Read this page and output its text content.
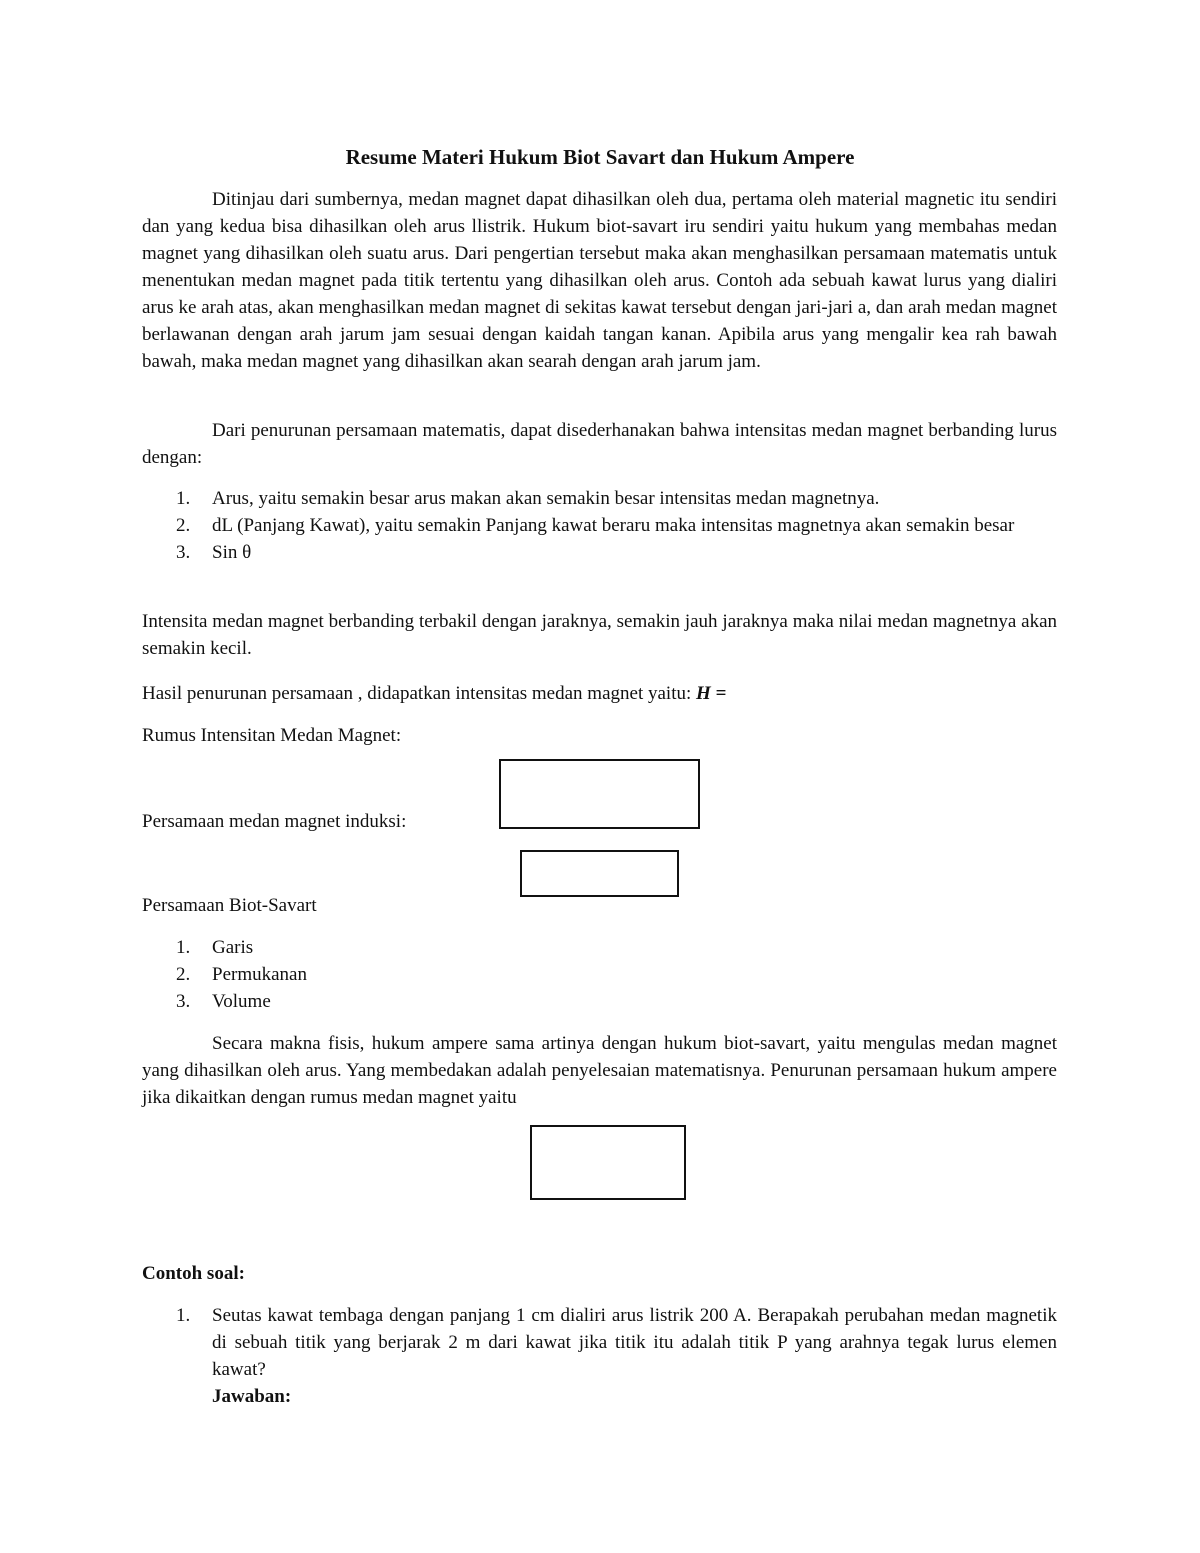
Resume Materi Hukum Biot Savart dan Hukum Ampere

Ditinjau dari sumbernya, medan magnet dapat dihasilkan oleh dua, pertama oleh material magnetic itu sendiri dan yang kedua bisa dihasilkan oleh arus llistrik. Hukum biot-savart iru sendiri yaitu hukum yang membahas medan magnet yang dihasilkan oleh suatu arus. Dari pengertian tersebut maka akan menghasilkan persamaan matematis untuk menentukan medan magnet pada titik tertentu yang dihasilkan oleh arus. Contoh ada sebuah kawat lurus yang dialiri arus ke arah atas, akan menghasilkan medan magnet di sekitas kawat tersebut dengan jari-jari a, dan arah medan magnet berlawanan dengan arah jarum jam sesuai dengan kaidah tangan kanan. Apibila arus yang mengalir kea rah bawah bawah, maka medan magnet yang dihasilkan akan searah dengan arah jarum jam.

Dari penurunan persamaan matematis, dapat disederhanakan bahwa intensitas medan magnet berbanding lurus dengan:

1. Arus, yaitu semakin besar arus makan akan semakin besar intensitas medan magnetnya.
2. dL (Panjang Kawat), yaitu semakin Panjang kawat beraru maka intensitas magnetnya akan semakin besar
3. Sin θ

Intensita medan magnet berbanding terbakil dengan jaraknya, semakin jauh jaraknya maka nilai medan magnetnya akan semakin kecil.

Hasil penurunan persamaan , didapatkan intensitas medan magnet yaitu: H =

Rumus Intensitan Medan Magnet:

Persamaan medan magnet induksi:

Persamaan Biot-Savart

1. Garis
2. Permukanan
3. Volume

Secara makna fisis, hukum ampere sama artinya dengan hukum biot-savart, yaitu mengulas medan magnet yang dihasilkan oleh arus. Yang membedakan adalah penyelesaian matematisnya. Penurunan persamaan hukum ampere jika dikaitkan dengan rumus medan magnet yaitu

Contoh soal:

1. Seutas kawat tembaga dengan panjang 1 cm dialiri arus listrik 200 A. Berapakah perubahan medan magnetik di sebuah titik yang berjarak 2 m dari kawat jika titik itu adalah titik P yang arahnya tegak lurus elemen kawat?
Jawaban:
